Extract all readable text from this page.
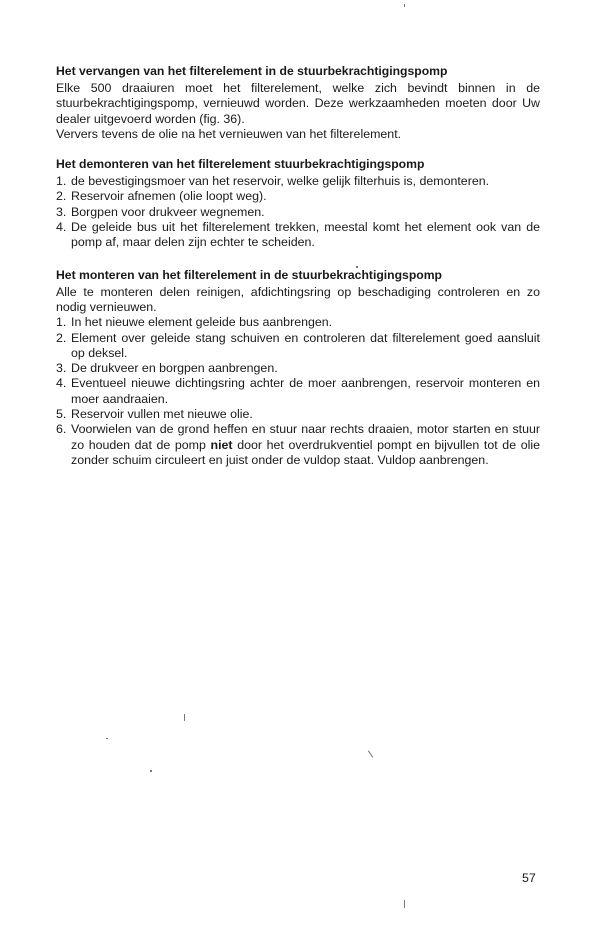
Het vervangen van het filterelement in de stuurbekrachtigingspomp

Elke 500 draaiuren moet het filterelement, welke zich bevindt binnen in de stuurbekrachtigingspomp, vernieuwd worden. Deze werkzaamheden moeten door Uw dealer uitgevoerd worden (fig. 36).

Ververs tevens de olie na het vernieuwen van het filterelement.

Het demonteren van het filterelement stuurbekrachtigingspomp
1. de bevestigingsmoer van het reservoir, welke gelijk filterhuis is, demonteren.
2. Reservoir afnemen (olie loopt weg).
3. Borgpen voor drukveer wegnemen.
4. De geleide bus uit het filterelement trekken, meestal komt het element ook van de pomp af, maar delen zijn echter te scheiden.
Het monteren van het filterelement in de stuurbekrachtigingspomp

Alle te monteren delen reinigen, afdichtingsring op beschadiging controleren en zo nodig vernieuwen.

1. In het nieuwe element geleide bus aanbrengen.
2. Element over geleide stang schuiven en controleren dat filterelement goed aansluit op deksel.
3. De drukveer en borgpen aanbrengen.
4. Eventueel nieuwe dichtingsring achter de moer aanbrengen, reservoir monteren en moer aandraaien.
5. Reservoir vullen met nieuwe olie.
6. Voorwielen van de grond heffen en stuur naar rechts draaien, motor starten en stuur zo houden dat de pomp niet door het overdrukventiel pompt en bijvullen tot de olie zonder schuim circuleert en juist onder de vuldop staat. Vuldop aanbrengen.
57
